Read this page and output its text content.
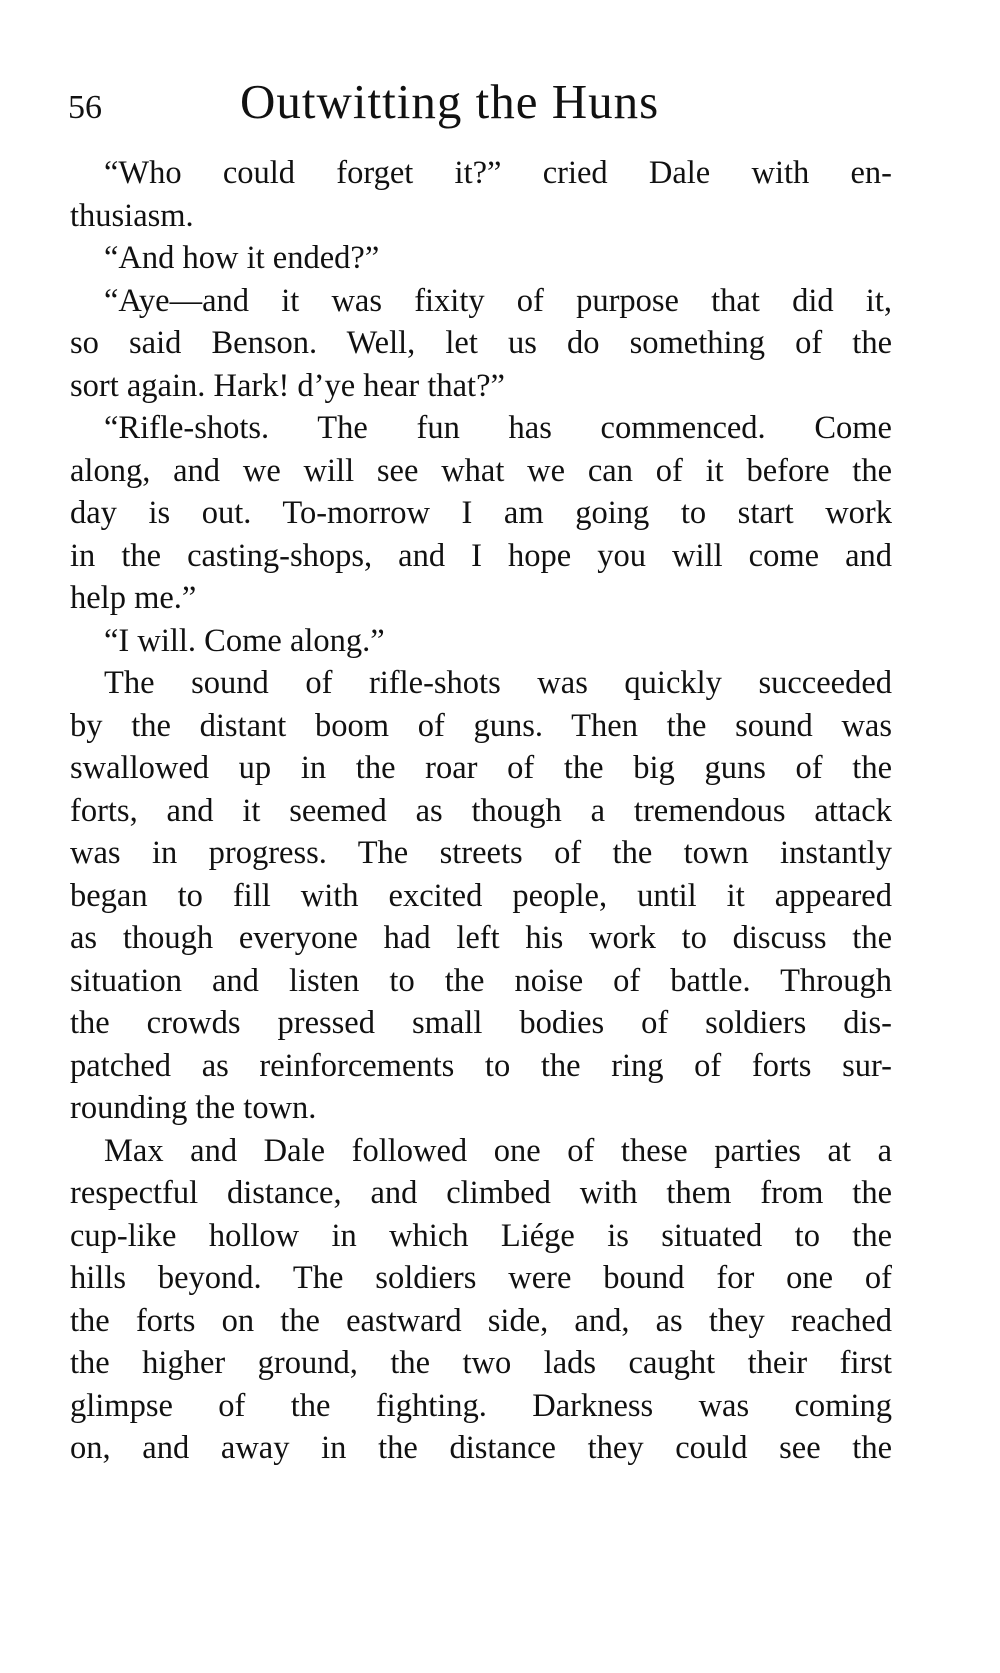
56	Outwitting the Huns
“Who could forget it?” cried Dale with en-
thusiasm.
“And how it ended?”
“Aye—and it was fixity of purpose that did it,
so said Benson. Well, let us do something of the
sort again. Hark! d’ye hear that?”
“Rifle-shots. The fun has commenced. Come
along, and we will see what we can of it before the
day is out. To-morrow I am going to start work
in the casting-shops, and I hope you will come and
help me.”
“I will. Come along.”
The sound of rifle-shots was quickly succeeded
by the distant boom of guns. Then the sound was
swallowed up in the roar of the big guns of the
forts, and it seemed as though a tremendous attack
was in progress. The streets of the town instantly
began to fill with excited people, until it appeared
as though everyone had left his work to discuss the
situation and listen to the noise of battle. Through
the crowds pressed small bodies of soldiers dis-
patched as reinforcements to the ring of forts sur-
rounding the town.
Max and Dale followed one of these parties at a
respectful distance, and climbed with them from the
cup-like hollow in which Liége is situated to the
hills beyond. The soldiers were bound for one of
the forts on the eastward side, and, as they reached
the higher ground, the two lads caught their first
glimpse of the fighting. Darkness was coming
on, and away in the distance they could see the
